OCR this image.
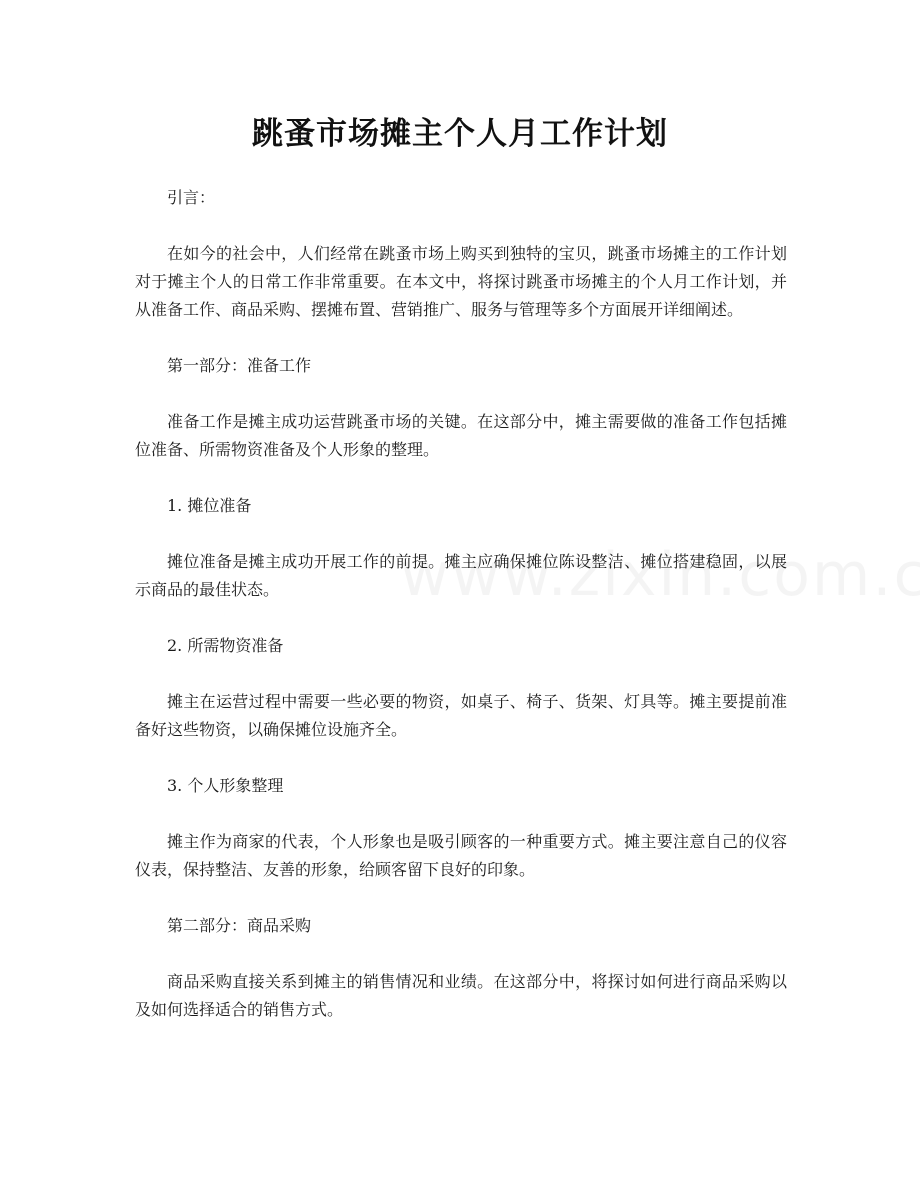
跳蚤市场摊主个人月工作计划

引言：

在如今的社会中，人们经常在跳蚤市场上购买到独特的宝贝，跳蚤市场摊主的工作计划对于摊主个人的日常工作非常重要。在本文中，将探讨跳蚤市场摊主的个人月工作计划，并从准备工作、商品采购、摆摊布置、营销推广、服务与管理等多个方面展开详细阐述。

第一部分：准备工作

准备工作是摊主成功运营跳蚤市场的关键。在这部分中，摊主需要做的准备工作包括摊位准备、所需物资准备及个人形象的整理。

1. 摊位准备

摊位准备是摊主成功开展工作的前提。摊主应确保摊位陈设整洁、摊位搭建稳固，以展示商品的最佳状态。

2. 所需物资准备

摊主在运营过程中需要一些必要的物资，如桌子、椅子、货架、灯具等。摊主要提前准备好这些物资，以确保摊位设施齐全。

3. 个人形象整理

摊主作为商家的代表，个人形象也是吸引顾客的一种重要方式。摊主要注意自己的仪容仪表，保持整洁、友善的形象，给顾客留下良好的印象。

第二部分：商品采购

商品采购直接关系到摊主的销售情况和业绩。在这部分中，将探讨如何进行商品采购以及如何选择适合的销售方式。
